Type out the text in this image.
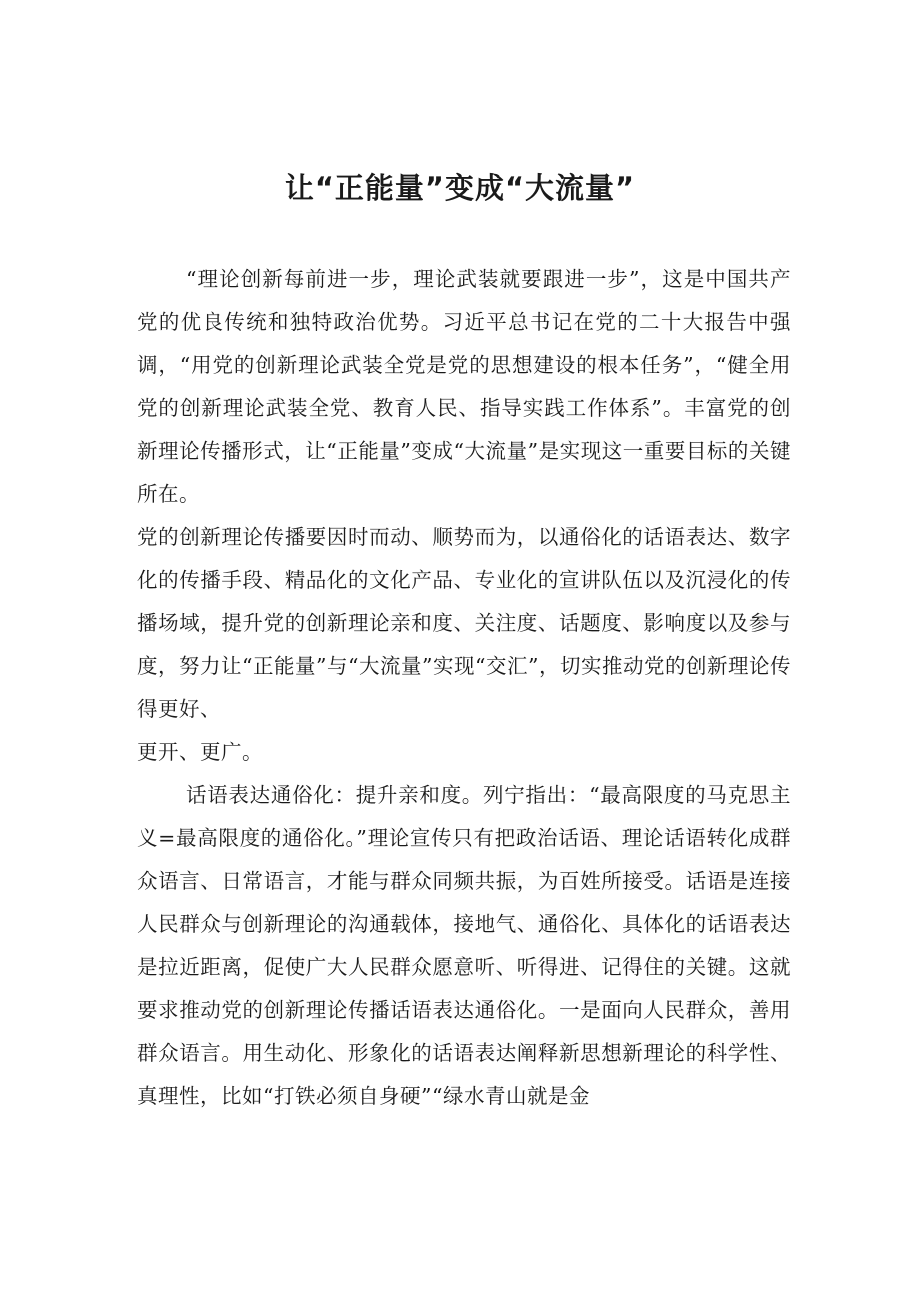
让“正能量”变成“大流量”

“理论创新每前进一步，理论武装就要跟进一步”，这是中国共产党的优良传统和独特政治优势。习近平总书记在党的二十大报告中强调，“用党的创新理论武装全党是党的思想建设的根本任务”，“健全用党的创新理论武装全党、教育人民、指导实践工作体系”。丰富党的创新理论传播形式，让“正能量”变成“大流量”是实现这一重要目标的关键所在。

党的创新理论传播要因时而动、顺势而为，以通俗化的话语表达、数字化的传播手段、精品化的文化产品、专业化的宣讲队伍以及沉浸化的传播场域，提升党的创新理论亲和度、关注度、话题度、影响度以及参与度，努力让“正能量”与“大流量”实现“交汇”，切实推动党的创新理论传得更好、

更开、更广。

话语表达通俗化：提升亲和度。列宁指出：“最高限度的马克思主义=最高限度的通俗化。”理论宣传只有把政治话语、理论话语转化成群众语言、日常语言，才能与群众同频共振，为百姓所接受。话语是连接人民群众与创新理论的沟通载体，接地气、通俗化、具体化的话语表达是拉近距离，促使广大人民群众愿意听、听得进、记得住的关键。这就要求推动党的创新理论传播话语表达通俗化。一是面向人民群众，善用群众语言。用生动化、形象化的话语表达阐释新思想新理论的科学性、真理性，比如“打铁必须自身硬”“绿水青山就是金
